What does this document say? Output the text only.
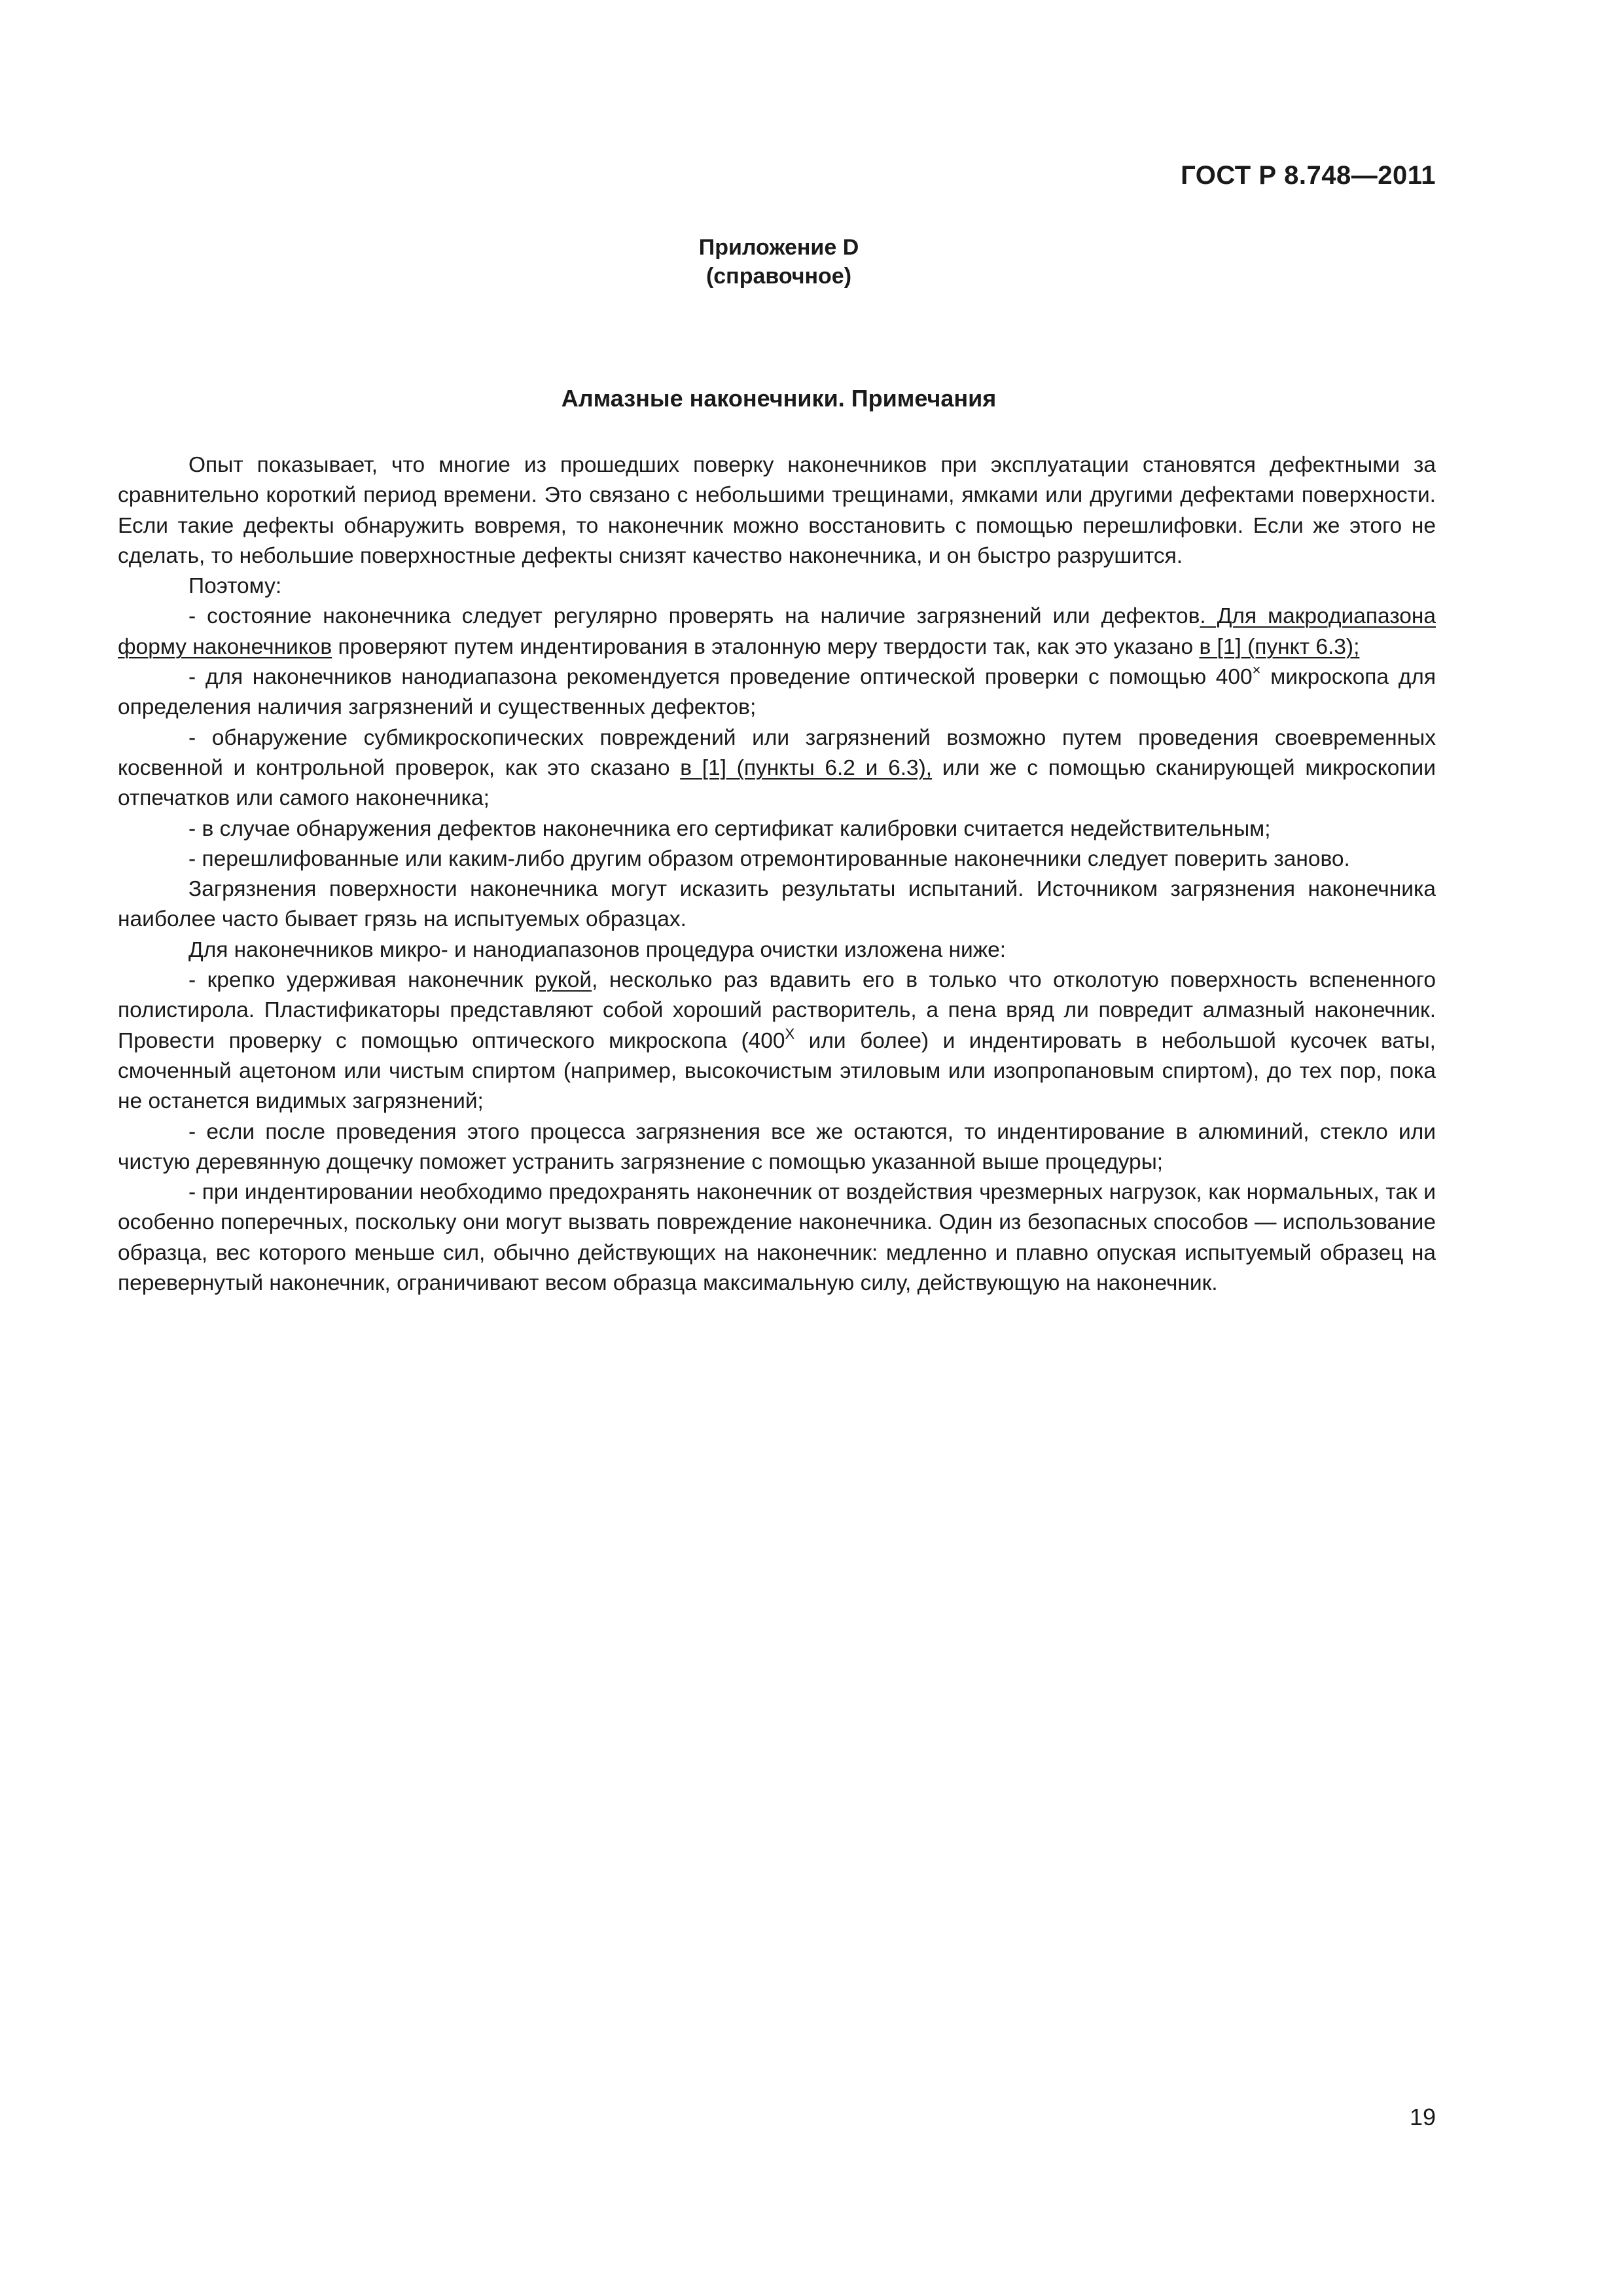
ГОСТ Р 8.748—2011
Приложение D
(справочное)
Алмазные наконечники. Примечания

Опыт показывает, что многие из прошедших поверку наконечников при эксплуатации становятся дефектными за сравнительно короткий период времени. Это связано с небольшими трещинами, ямками или другими дефектами поверхности. Если такие дефекты обнаружить вовремя, то наконечник можно восстановить с помощью перешлифовки. Если же этого не сделать, то небольшие поверхностные дефекты снизят качество наконечника, и он быстро разрушится.

Поэтому:

- состояние наконечника следует регулярно проверять на наличие загрязнений или дефектов. Для макродиапазона форму наконечников проверяют путем индентирования в эталонную меру твердости так, как это указано в [1] (пункт 6.3);

- для наконечников нанодиапазона рекомендуется проведение оптической проверки с помощью 400× микроскопа для определения наличия загрязнений и существенных дефектов;

- обнаружение субмикроскопических повреждений или загрязнений возможно путем проведения своевременных косвенной и контрольной проверок, как это сказано в [1] (пункты 6.2 и 6.3), или же с помощью сканирующей микроскопии отпечатков или самого наконечника;

- в случае обнаружения дефектов наконечника его сертификат калибровки считается недействительным;

- перешлифованные или каким-либо другим образом отремонтированные наконечники следует поверить заново.

Загрязнения поверхности наконечника могут исказить результаты испытаний. Источником загрязнения наконечника наиболее часто бывает грязь на испытуемых образцах.

Для наконечников микро- и нанодиапазонов процедура очистки изложена ниже:

- крепко удерживая наконечник рукой, несколько раз вдавить его в только что отколотую поверхность вспененного полистирола. Пластификаторы представляют собой хороший растворитель, а пена вряд ли повредит алмазный наконечник. Провести проверку с помощью оптического микроскопа ($400^X$ или более) и индентировать в небольшой кусочек ваты, смоченный ацетоном или чистым спиртом (например, высокочистым этиловым или изопропановым спиртом), до тех пор, пока не останется видимых загрязнений;

- если после проведения этого процесса загрязнения все же остаются, то индентирование в алюминий, стекло или чистую деревянную дощечку поможет устранить загрязнение с помощью указанной выше процедуры;

- при индентировании необходимо предохранять наконечник от воздействия чрезмерных нагрузок, как нормальных, так и особенно поперечных, поскольку они могут вызвать повреждение наконечника. Один из безопасных способов — использование образца, вес которого меньше сил, обычно действующих на наконечник: медленно и плавно опуская испытуемый образец на перевернутый наконечник, ограничивают весом образца максимальную силу, действующую на наконечник.

19
